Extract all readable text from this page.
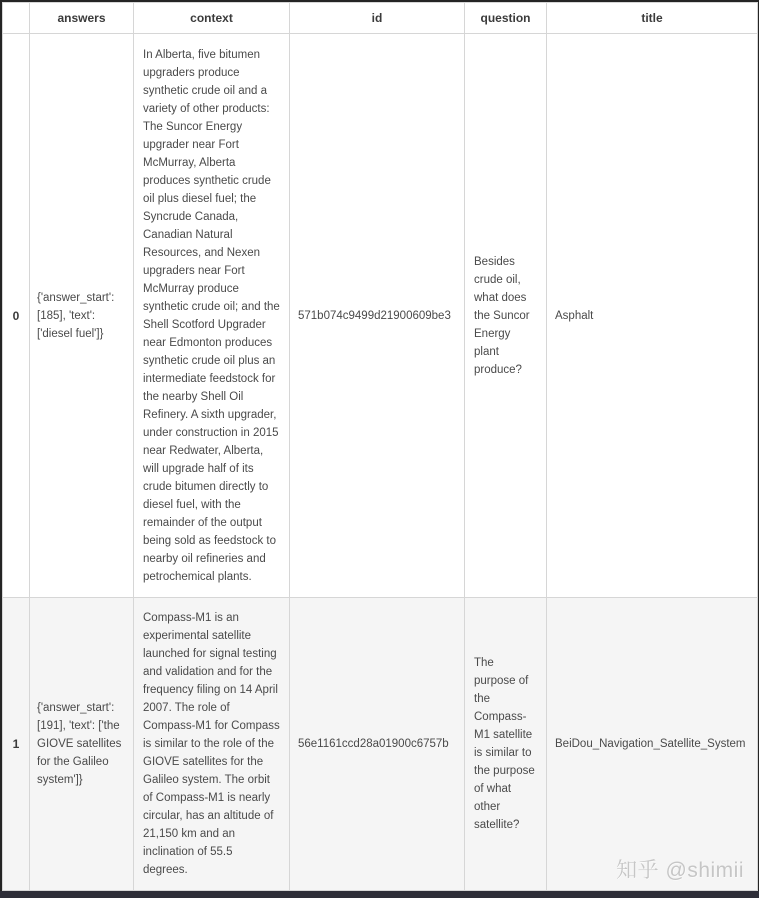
	answers	context	id	question	title
0	{'answer_start': [185], 'text': ['diesel fuel']}	In Alberta, five bitumen upgraders produce synthetic crude oil and a variety of other products: The Suncor Energy upgrader near Fort McMurray, Alberta produces synthetic crude oil plus diesel fuel; the Syncrude Canada, Canadian Natural Resources, and Nexen upgraders near Fort McMurray produce synthetic crude oil; and the Shell Scotford Upgrader near Edmonton produces synthetic crude oil plus an intermediate feedstock for the nearby Shell Oil Refinery. A sixth upgrader, under construction in 2015 near Redwater, Alberta, will upgrade half of its crude bitumen directly to diesel fuel, with the remainder of the output being sold as feedstock to nearby oil refineries and petrochemical plants.	571b074c9499d21900609be3	Besides crude oil, what does the Suncor Energy plant produce?	Asphalt
1	{'answer_start': [191], 'text': ['the GIOVE satellites for the Galileo system']}	Compass-M1 is an experimental satellite launched for signal testing and validation and for the frequency filing on 14 April 2007. The role of Compass-M1 for Compass is similar to the role of the GIOVE satellites for the Galileo system. The orbit of Compass-M1 is nearly circular, has an altitude of 21,150 km and an inclination of 55.5 degrees.	56e1161ccd28a01900c6757b	The purpose of the Compass-M1 satellite is similar to the purpose of what other satellite?	BeiDou_Navigation_Satellite_System
知乎 @shimii
